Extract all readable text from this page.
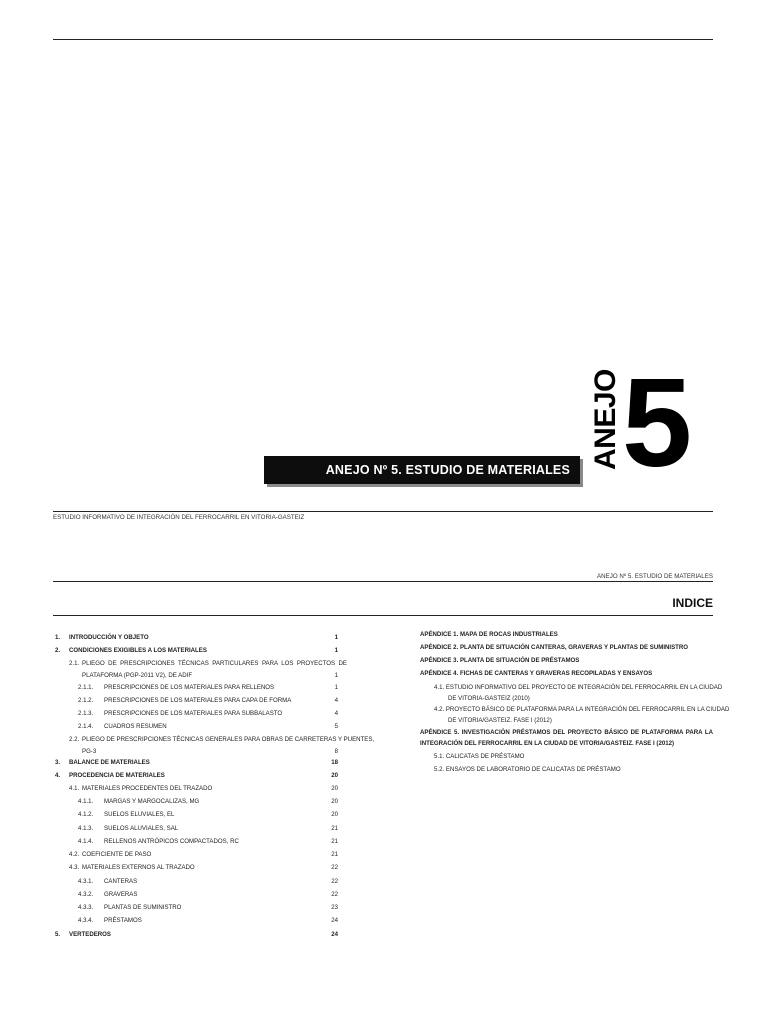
ANEJO Nº 5. ESTUDIO DE MATERIALES ANEJO 5
ESTUDIO INFORMATIVO DE INTEGRACIÓN DEL FERROCARRIL EN VITORIA-GASTEIZ
ANEJO Nº 5. ESTUDIO DE MATERIALES
INDICE
1. INTRODUCCIÓN Y OBJETO	1
2. CONDICIONES EXIGIBLES A LOS MATERIALES	1
2.1. PLIEGO DE PRESCRIPCIONES TÉCNICAS PARTICULARES PARA LOS PROYECTOS DE
PLATAFORMA (PGP-2011 V2), DE ADIF	1
2.1.1. PRESCRIPCIONES DE LOS MATERIALES PARA RELLENOS	1
2.1.2. PRESCRIPCIONES DE LOS MATERIALES PARA CAPA DE FORMA	4
2.1.3. PRESCRIPCIONES DE LOS MATERIALES PARA SUBBALASTO	4
2.1.4. CUADROS RESUMEN	5
2.2. PLIEGO DE PRESCRIPCIONES TÉCNICAS GENERALES PARA OBRAS DE CARRETERAS Y PUENTES,
PG-3	8
3. BALANCE DE MATERIALES	18
4. PROCEDENCIA DE MATERIALES	20
4.1. MATERIALES PROCEDENTES DEL TRAZADO	20
4.1.1. MARGAS Y MARGOCALIZAS, MG	20
4.1.2. SUELOS ELUVIALES, EL	20
4.1.3. SUELOS ALUVIALES, SAL	21
4.1.4. RELLENOS ANTRÓPICOS COMPACTADOS, RC	21
4.2. COEFICIENTE DE PASO	21
4.3. MATERIALES EXTERNOS AL TRAZADO	22
4.3.1. CANTERAS	22
4.3.2. GRAVERAS	22
4.3.3. PLANTAS DE SUMINISTRO	23
4.3.4. PRÉSTAMOS	24
5. VERTEDEROS	24
APÉNDICE 1. MAPA DE ROCAS INDUSTRIALES
APÉNDICE 2. PLANTA DE SITUACIÓN CANTERAS, GRAVERAS Y PLANTAS DE SUMINISTRO
APÉNDICE 3. PLANTA DE SITUACIÓN DE PRÉSTAMOS
APÉNDICE 4. FICHAS DE CANTERAS Y GRAVERAS RECOPILADAS Y ENSAYOS
4.1. ESTUDIO INFORMATIVO DEL PROYECTO DE INTEGRACIÓN DEL FERROCARRIL EN LA CIUDAD
DE VITORIA-GASTEIZ (2010)
4.2. PROYECTO BÁSICO DE PLATAFORMA PARA LA INTEGRACIÓN DEL FERROCARRIL EN LA CIUDAD
DE VITORIA/GASTEIZ. FASE I (2012)
APÉNDICE 5. INVESTIGACIÓN PRÉSTAMOS DEL PROYECTO BÁSICO DE PLATAFORMA PARA LA
INTEGRACIÓN DEL FERROCARRIL EN LA CIUDAD DE VITORIA/GASTEIZ. FASE I (2012)
5.1. CALICATAS DE PRÉSTAMO
5.2. ENSAYOS DE LABORATORIO DE CALICATAS DE PRÉSTAMO
